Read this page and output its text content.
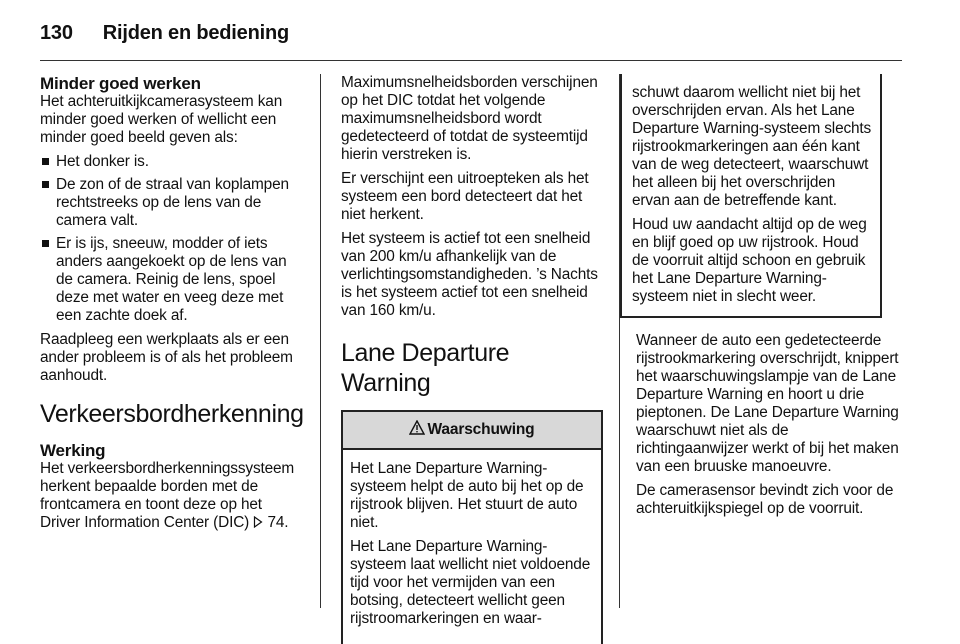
130 Rijden en bediening
Minder goed werken

Het achteruitkijkcamerasysteem kan minder goed werken of wellicht een minder goed beeld geven als:

Het donker is.
De zon of de straal van koplampen rechtstreeks op de lens van de camera valt.
Er is ijs, sneeuw, modder of iets anders aangekoekt op de lens van de camera. Reinig de lens, spoel deze met water en veeg deze met een zachte doek af.

Raadpleeg een werkplaats als er een ander probleem is of als het probleem aanhoudt.

Verkeersbordherkenning
Werking

Het verkeersbordherkenningssysteem herkent bepaalde borden met de frontcamera en toont deze op het Driver Information Center (DIC)  74.

Maximumsnelheidsborden verschijnen op het DIC totdat het volgende maximumsnelheidsbord wordt gedetecteerd of totdat de systeemtijd hierin verstreken is.

Er verschijnt een uitroepteken als het systeem een bord detecteert dat het niet herkent.

Het systeem is actief tot een snelheid van 200 km/u afhankelijk van de verlichtingsomstandigheden. ’s Nachts is het systeem actief tot een snelheid van 160 km/u.

Lane Departure Warning
Waarschuwing

Het Lane Departure Warning-systeem helpt de auto bij het op de rijstrook blijven. Het stuurt de auto niet.

Het Lane Departure Warning-systeem laat wellicht niet voldoende tijd voor het vermijden van een botsing, detecteert wellicht geen rijstroomarkeringen en waar-

schuwt daarom wellicht niet bij het overschrijden ervan. Als het Lane Departure Warning-systeem slechts rijstrookmarkeringen aan één kant van de weg detecteert, waarschuwt het alleen bij het overschrijden ervan aan de betreffende kant.

Houd uw aandacht altijd op de weg en blijf goed op uw rijstrook. Houd de voorruit altijd schoon en gebruik het Lane Departure Warning-systeem niet in slecht weer.

Wanneer de auto een gedetecteerde rijstrookmarkering overschrijdt, knippert het waarschuwingslampje van de Lane Departure Warning en hoort u drie pieptonen. De Lane Departure Warning waarschuwt niet als de richtingaanwijzer werkt of bij het maken van een bruuske manoeuvre.

De camerasensor bevindt zich voor de achteruitkijkspiegel op de voorruit.
